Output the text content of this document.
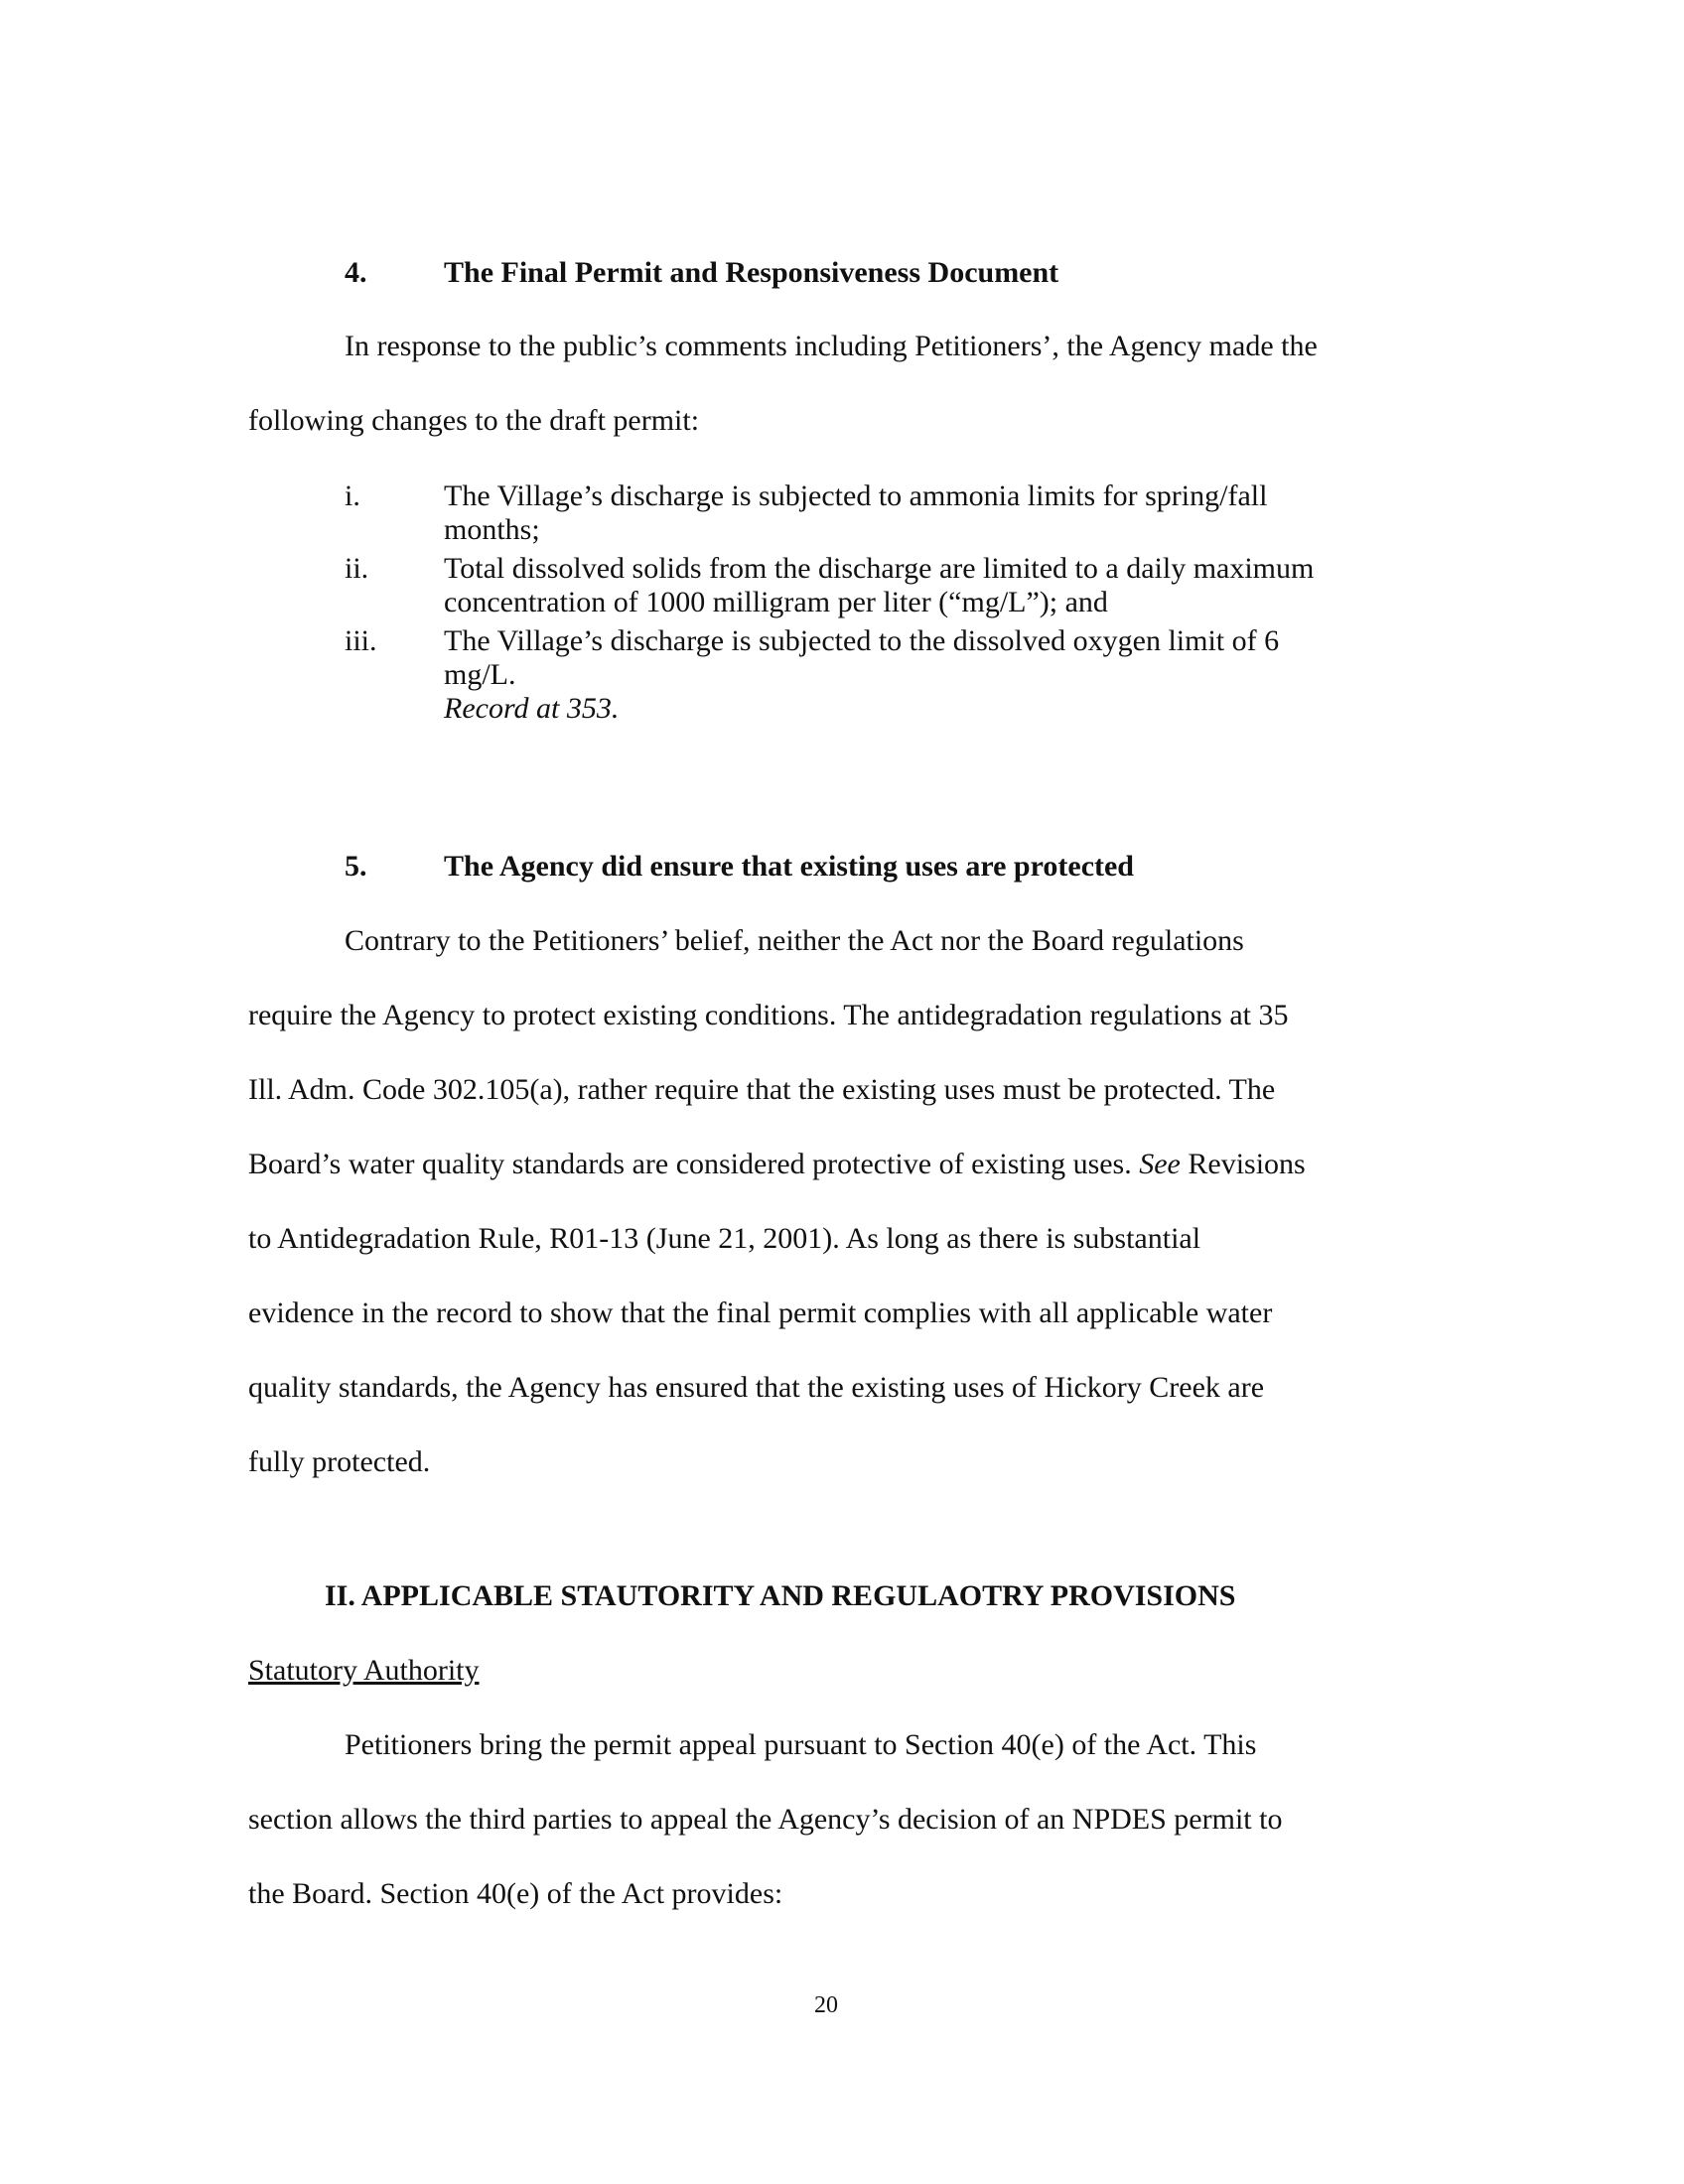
4.	The Final Permit and Responsiveness Document
In response to the public’s comments including Petitioners’, the Agency made the
following changes to the draft permit:
i.	The Village’s discharge is subjected to ammonia limits for spring/fall
months;
ii.	Total dissolved solids from the discharge are limited to a daily maximum
concentration of 1000 milligram per liter (“mg/L”); and
iii. The Village’s discharge is subjected to the dissolved oxygen limit of 6
mg/L.
Record at 353.
5.	The Agency did ensure that existing uses are protected
Contrary to the Petitioners’ belief, neither the Act nor the Board regulations
require the Agency to protect existing conditions. The antidegradation regulations at 35
Ill. Adm. Code 302.105(a), rather require that the existing uses must be protected. The
Board’s water quality standards are considered protective of existing uses. See Revisions
to Antidegradation Rule, R01-13 (June 21, 2001). As long as there is substantial
evidence in the record to show that the final permit complies with all applicable water
quality standards, the Agency has ensured that the existing uses of Hickory Creek are
fully protected.
II. APPLICABLE STAUTORITY AND REGULAOTRY PROVISIONS
Statutory Authority
Petitioners bring the permit appeal pursuant to Section 40(e) of the Act. This
section allows the third parties to appeal the Agency’s decision of an NPDES permit to
the Board. Section 40(e) of the Act provides:
20
